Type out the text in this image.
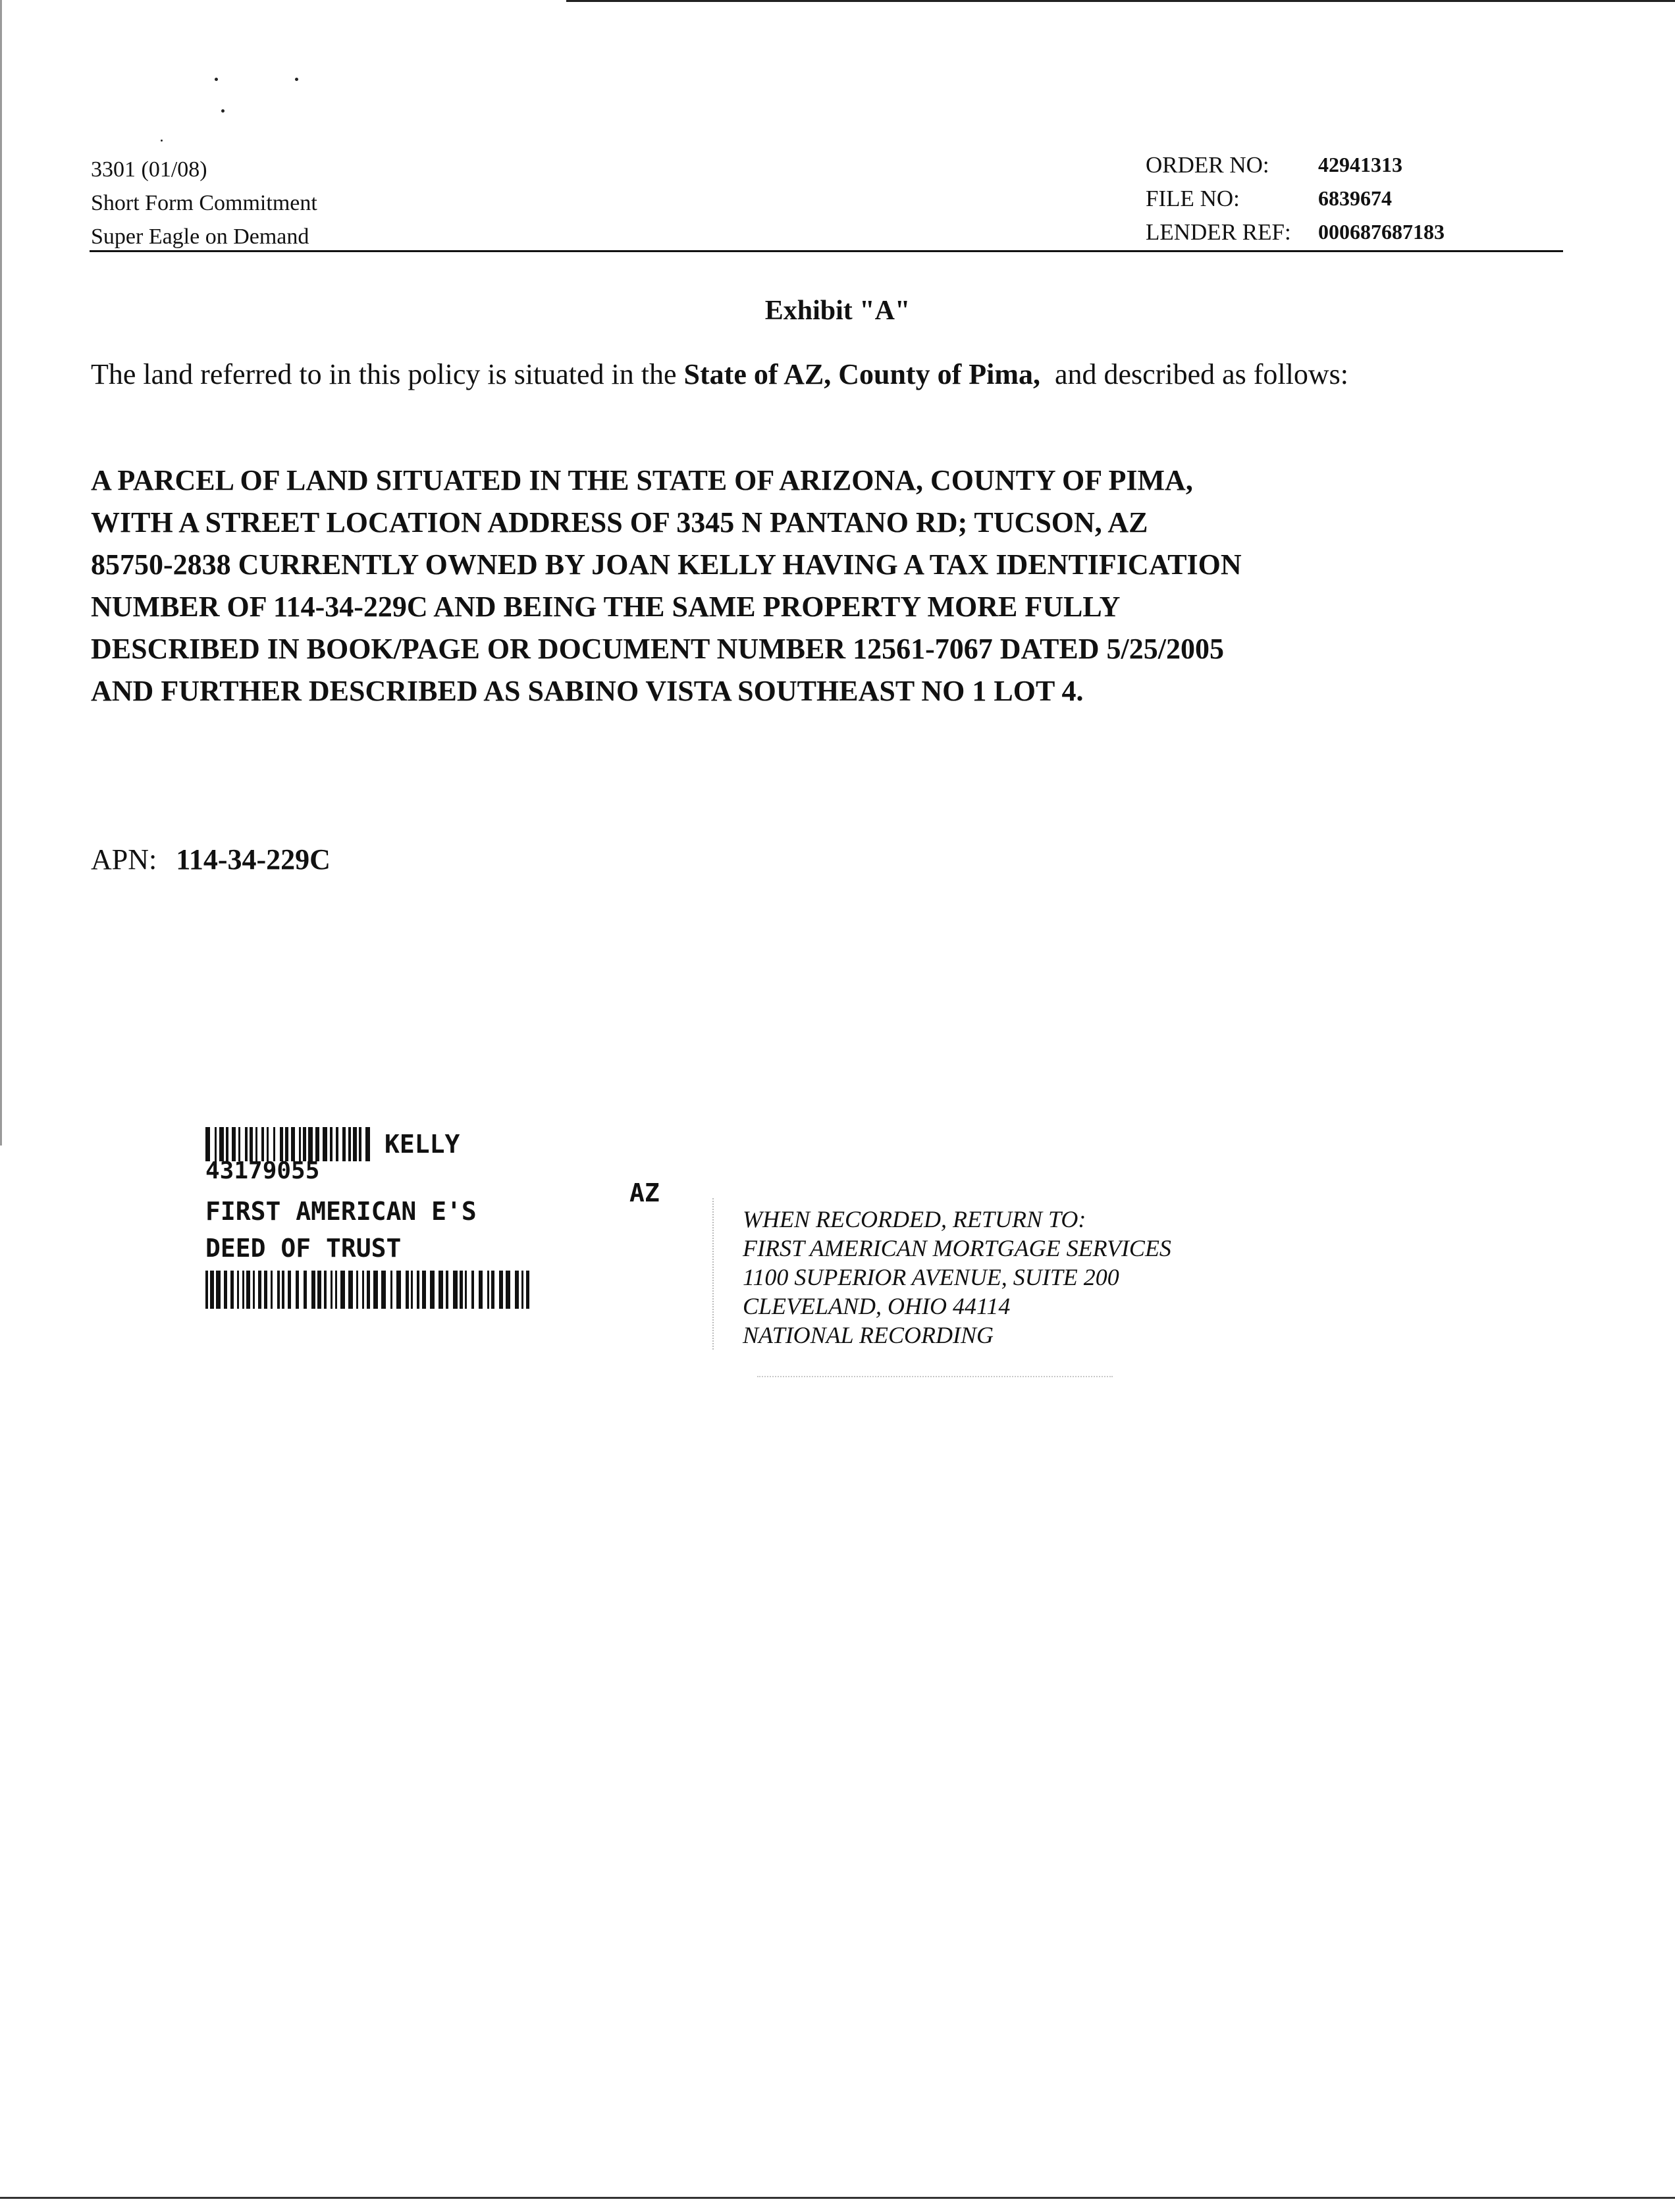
3301 (01/08)
Short Form Commitment
Super Eagle on Demand
ORDER NO:	42941313
FILE NO:	6839674
LENDER REF:	000687687183
Exhibit "A"
The land referred to in this policy is situated in the State of AZ, County of Pima, and described as follows:
A PARCEL OF LAND SITUATED IN THE STATE OF ARIZONA, COUNTY OF PIMA,
WITH A STREET LOCATION ADDRESS OF 3345 N PANTANO RD; TUCSON, AZ
85750-2838 CURRENTLY OWNED BY JOAN KELLY HAVING A TAX IDENTIFICATION
NUMBER OF 114-34-229C AND BEING THE SAME PROPERTY MORE FULLY
DESCRIBED IN BOOK/PAGE OR DOCUMENT NUMBER 12561-7067 DATED 5/25/2005
AND FURTHER DESCRIBED AS SABINO VISTA SOUTHEAST NO 1 LOT 4.
APN: 114-34-229C
KELLY
43179055
FIRST AMERICAN E'S
DEED OF TRUST
AZ
WHEN RECORDED, RETURN TO:
FIRST AMERICAN MORTGAGE SERVICES
1100 SUPERIOR AVENUE, SUITE 200
CLEVELAND, OHIO 44114
NATIONAL RECORDING
